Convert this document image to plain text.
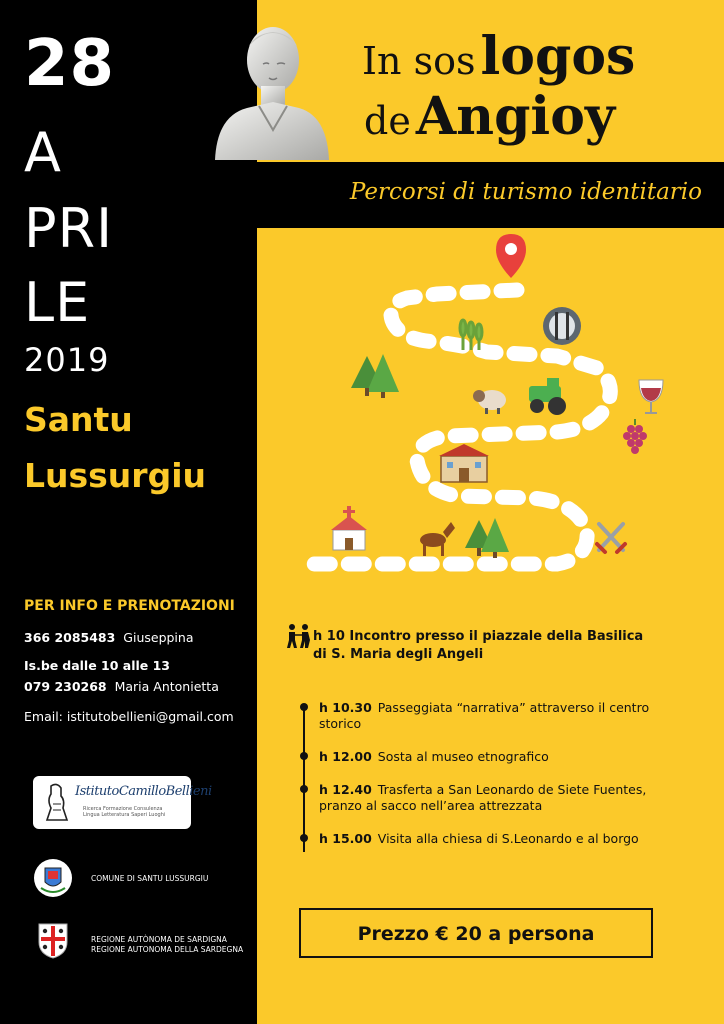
28
A
PRI
LE
2019
Santu
Lussurgiu
PER INFO E PRENOTAZIONI
366 2085483 Giuseppina
Is.be dalle 10 alle 13
079 230268 Maria Antonietta
Email: istitutobellieni@gmail.com
IstitutoCamilloBellieni
Ricerca Formazione Consulenza
Lingua Letteratura Saperi Luoghi
COMUNE DI SANTU LUSSURGIU
REGIONE AUTÒNOMA DE SARDIGNA
REGIONE AUTONOMA DELLA SARDEGNA
In sos logos
de Angioy
Percorsi di turismo identitario
h 10 Incontro presso il piazzale della Basilica
di S. Maria degli Angeli
h 10.30 Passeggiata “narrativa” attraverso il centro
storico
h 12.00 Sosta al museo etnografico
h 12.40 Trasferta a San Leonardo de Siete Fuentes,
pranzo al sacco nell’area attrezzata
h 15.00 Visita alla chiesa di S.Leonardo e al borgo
Prezzo € 20 a persona
